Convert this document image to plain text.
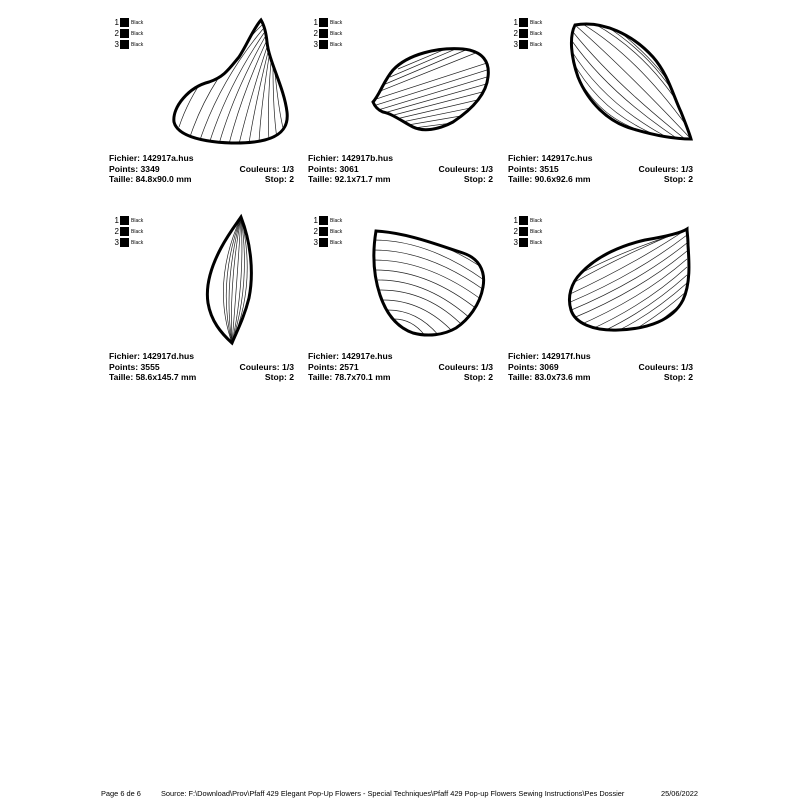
1 Black
2 Black
3 Black
Fichier: 142917a.hus
Points: 3349	Couleurs: 1/3
Taille: 84.8x90.0 mm	Stop: 2
1 Black
2 Black
3 Black
Fichier: 142917b.hus
Points: 3061	Couleurs: 1/3
Taille: 92.1x71.7 mm	Stop: 2
1 Black
2 Black
3 Black
Fichier: 142917c.hus
Points: 3515	Couleurs: 1/3
Taille: 90.6x92.6 mm	Stop: 2
1 Black
2 Black
3 Black
Fichier: 142917d.hus
Points: 3555	Couleurs: 1/3
Taille: 58.6x145.7 mm	Stop: 2
1 Black
2 Black
3 Black
Fichier: 142917e.hus
Points: 2571	Couleurs: 1/3
Taille: 78.7x70.1 mm	Stop: 2
1 Black
2 Black
3 Black
Fichier: 142917f.hus
Points: 3069	Couleurs: 1/3
Taille: 83.0x73.6 mm	Stop: 2
Page 6 de 6	Source: F:\Download\Prov\Pfaff 429 Elegant Pop-Up Flowers - Special Techniques\Pfaff 429 Pop-up Flowers Sewing Instructions\Pes Dossier	25/06/2022
